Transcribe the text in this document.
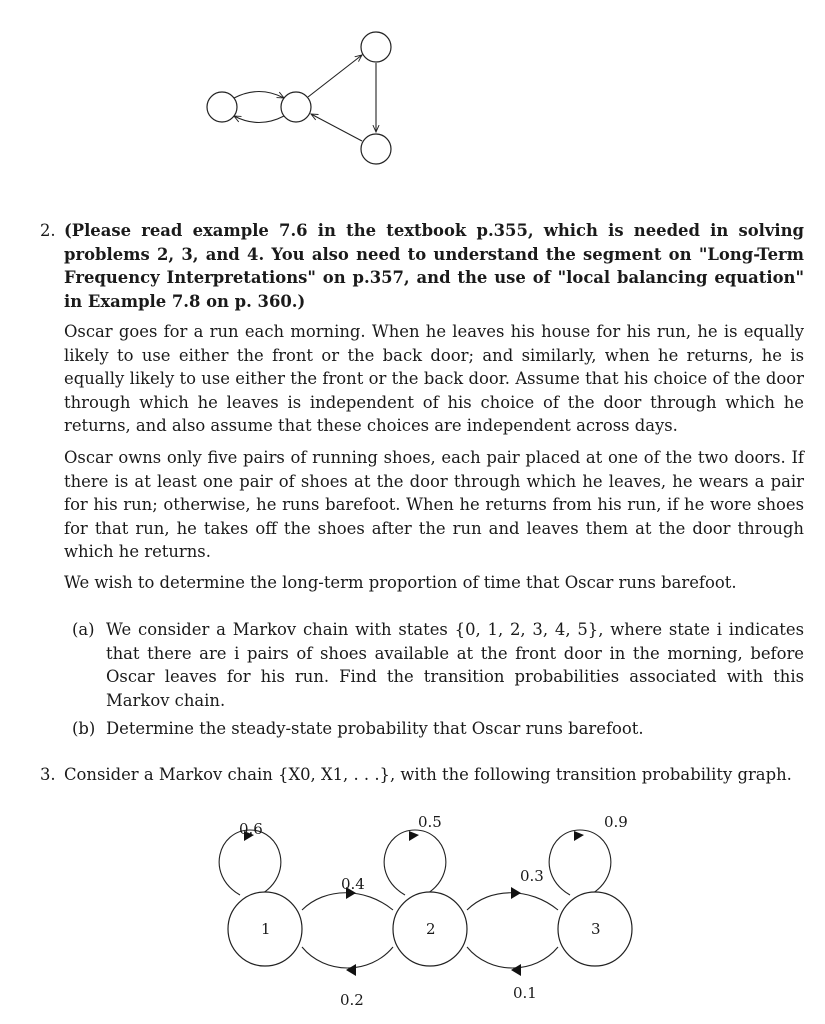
2. (Please read example 7.6 in the textbook p.355, which is needed in solving problems 2, 3, and 4. You also need to understand the segment on "Long-Term Frequency Interpretations" on p.357, and the use of "local balancing equation" in Example 7.8 on p. 360.)
Oscar goes for a run each morning. When he leaves his house for his run, he is equally likely to use either the front or the back door; and similarly, when he returns, he is equally likely to use either the front or the back door. Assume that his choice of the door through which he leaves is independent of his choice of the door through which he returns, and also assume that these choices are independent across days.
Oscar owns only five pairs of running shoes, each pair placed at one of the two doors. If there is at least one pair of shoes at the door through which he leaves, he wears a pair for his run; otherwise, he runs barefoot. When he returns from his run, if he wore shoes for that run, he takes off the shoes after the run and leaves them at the door through which he returns.
We wish to determine the long-term proportion of time that Oscar runs barefoot.
(a) We consider a Markov chain with states {0, 1, 2, 3, 4, 5}, where state i indicates that there are i pairs of shoes available at the front door in the morning, before Oscar leaves for his run. Find the transition probabilities associated with this Markov chain.
(b) Determine the steady-state probability that Oscar runs barefoot.
3. Consider a Markov chain {X0, X1, . . .}, with the following transition probability graph.
1	2	3
0.6	0.5	0.9
0.4	0.3
0.2	0.1
